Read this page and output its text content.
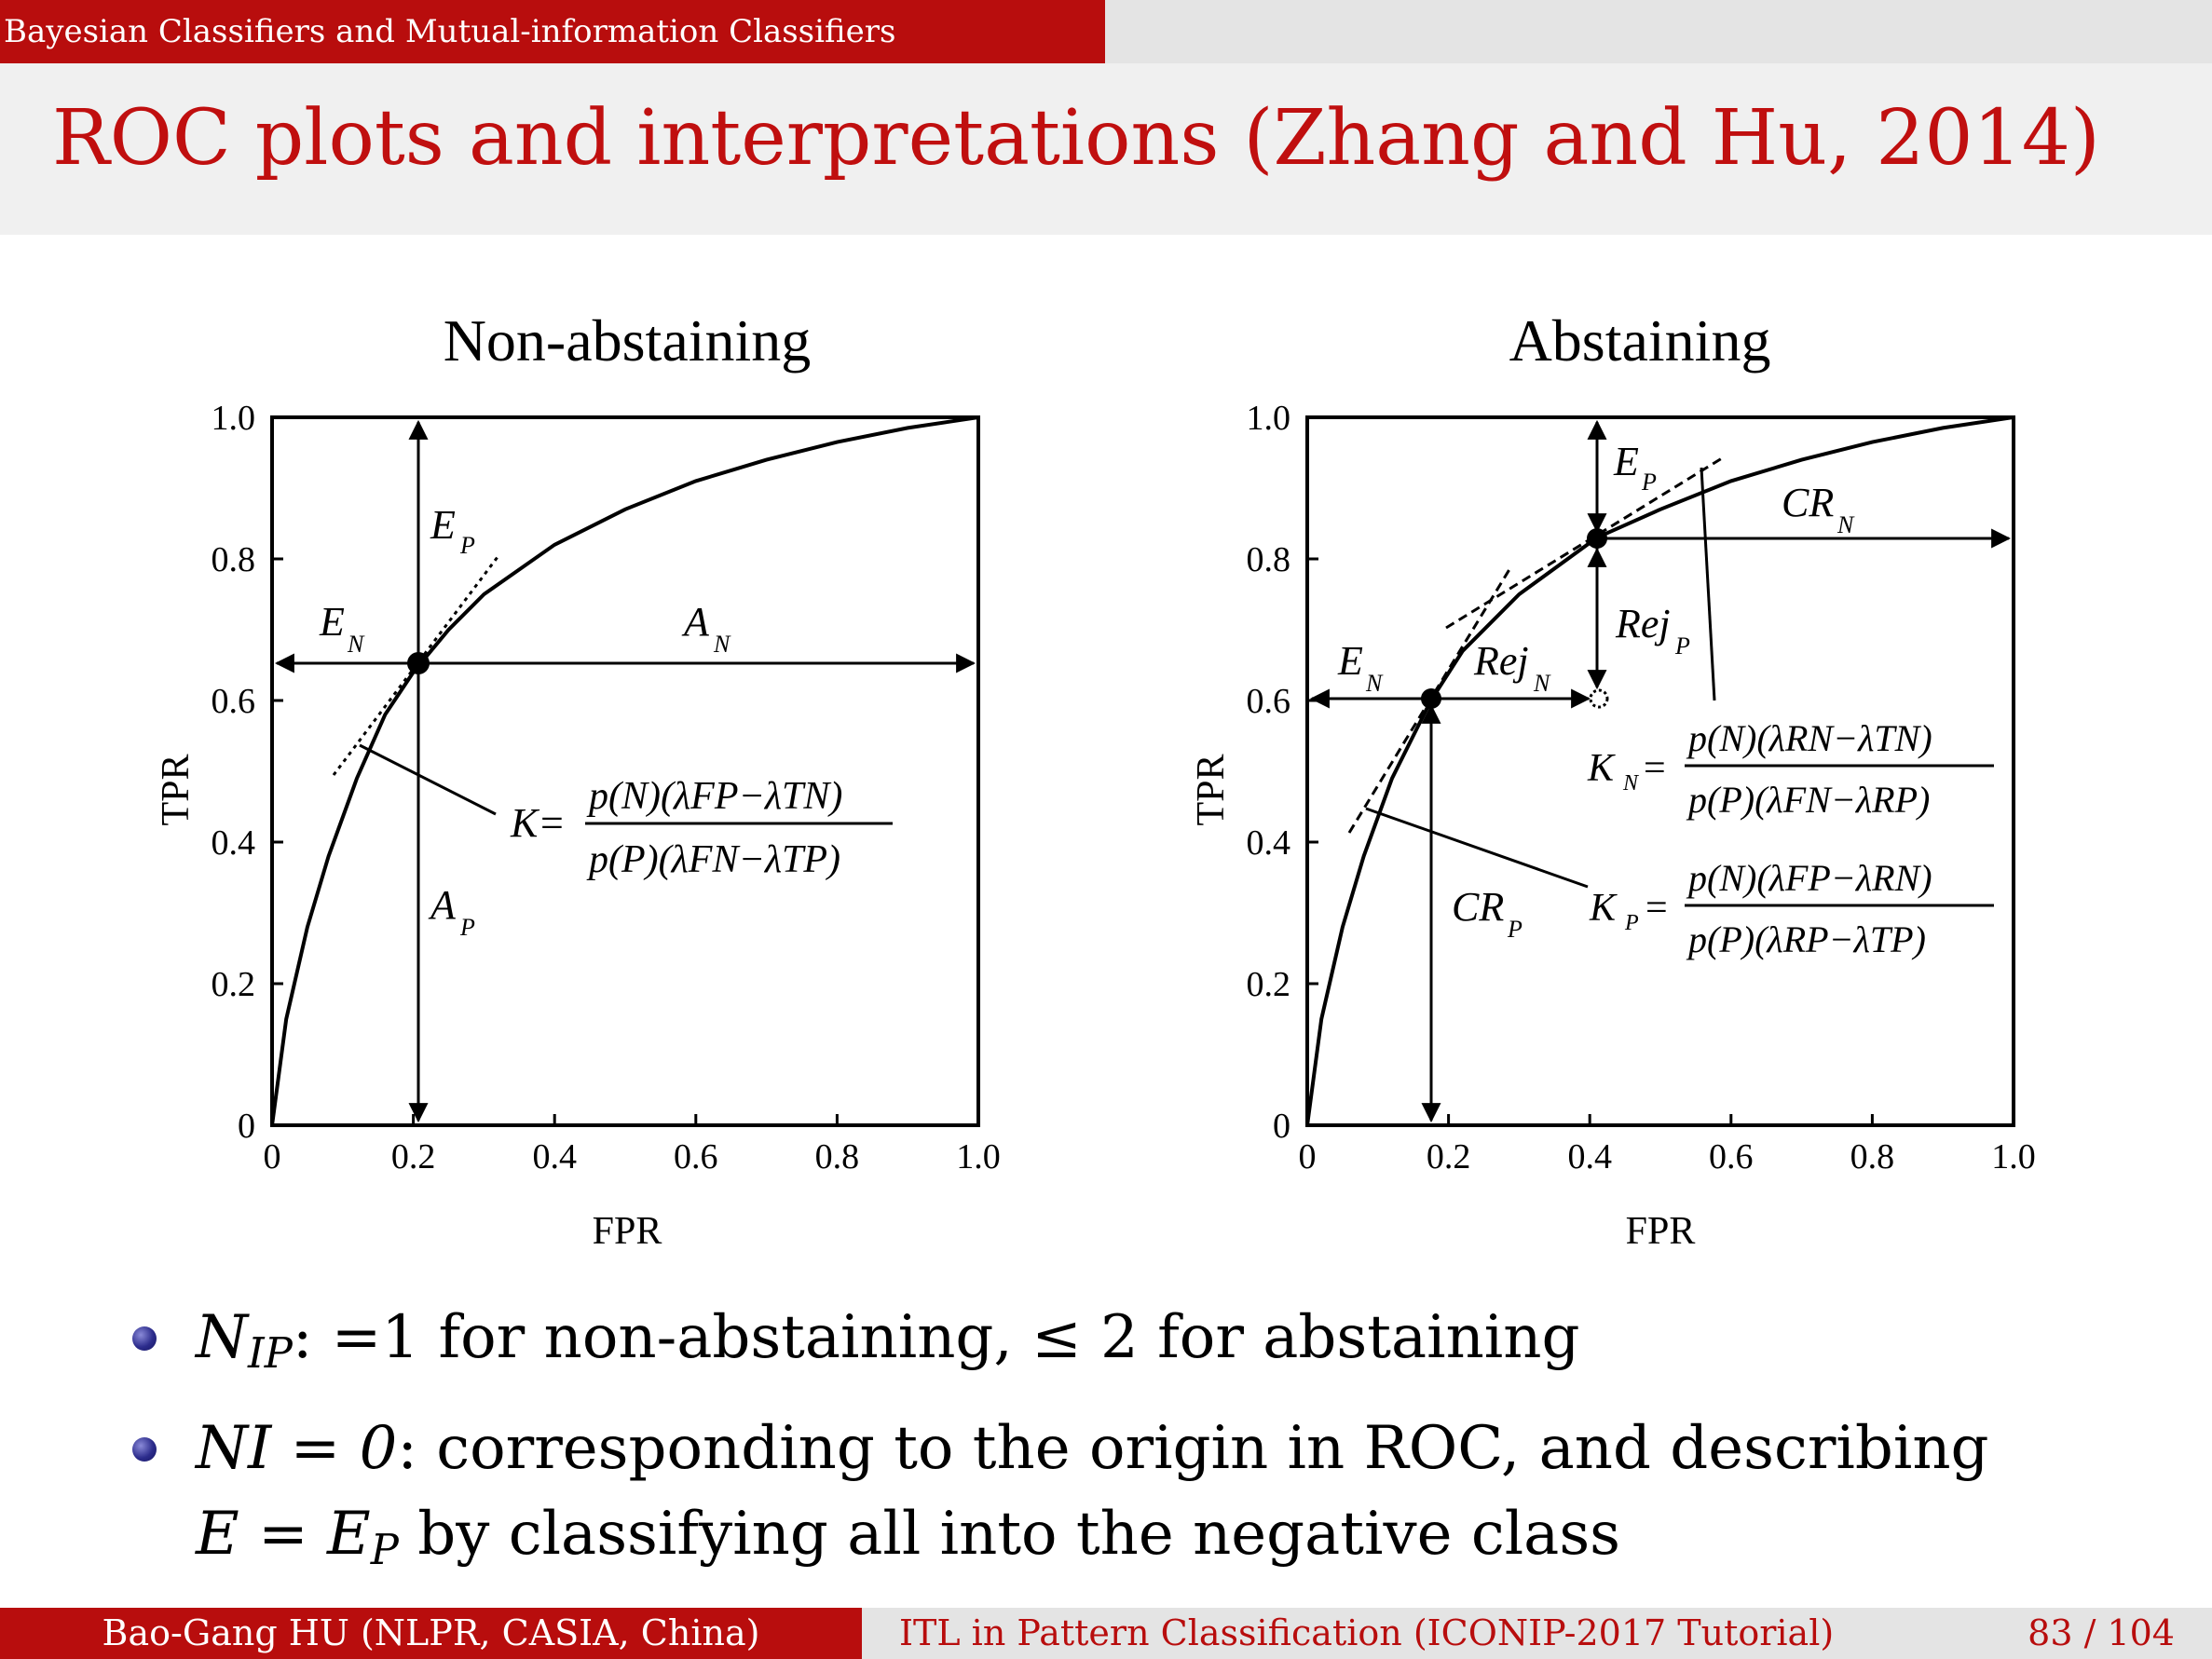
Bayesian Classifiers and Mutual-information Classifiers
ROC plots and interpretations (Zhang and Hu, 2014)
Non-abstaining
0	0.2	0.4	0.6	0.8	1.0
0
0.2
0.4
0.6
0.8
1.0
TPR
FPR
E P
E N	A N
A P
K =
p(N)(λFP−λTN)
p(P)(λFN−λTP)
Abstaining
0	0.2	0.4	0.6	0.8	1.0
0
0.2
0.4
0.6
0.8
1.0
TPR
FPR
E P	CR N
Rej P
E N Rej N
CR P
K N =
p(N)(λRN−λTN)
p(P)(λFN−λRP)
K P =
p(N)(λFP−λRN)
p(P)(λRP−λTP)
$N_{IP}$: =1 for non-abstaining, ≤ 2 for abstaining
NI = 0: corresponding to the origin in ROC, and describing
$E = E_P$ by classifying all into the negative class
Bao-Gang HU (NLPR, CASIA, China)	ITL in Pattern Classification (ICONIP-2017 Tutorial)	83 / 104
